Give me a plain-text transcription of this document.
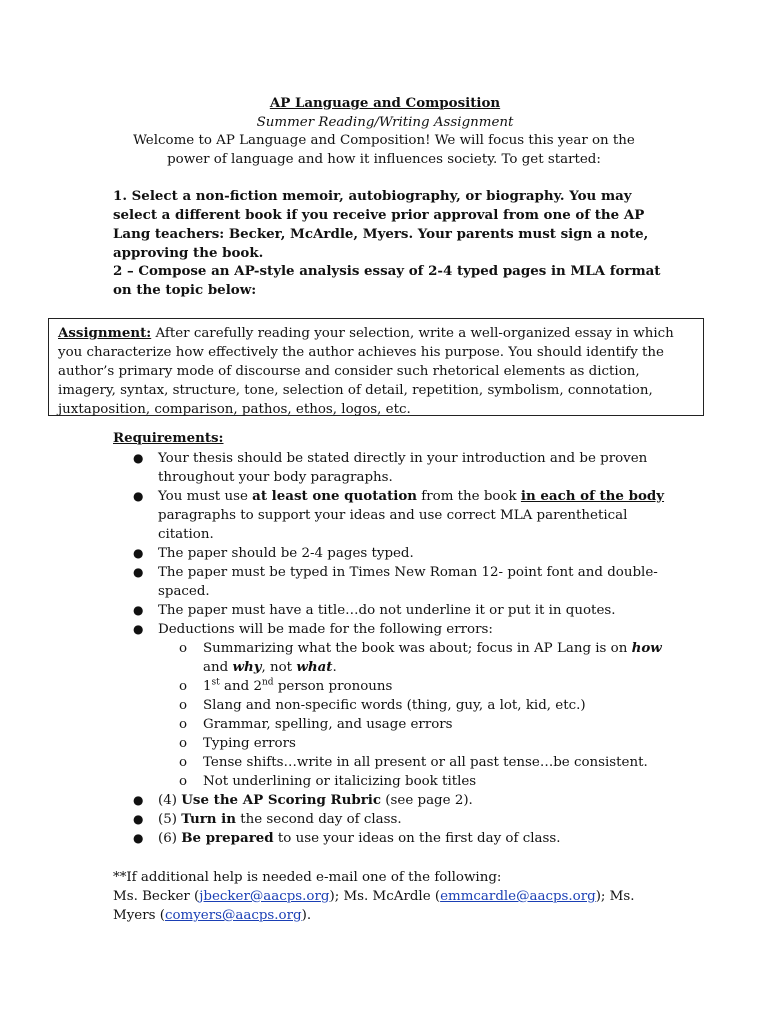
AP Language and Composition
Summer Reading/Writing Assignment
Welcome to AP Language and Composition! We will focus this year on the power of language and how it influences society. To get started:
1. Select a non-fiction memoir, autobiography, or biography. You may select a different book if you receive prior approval from one of the AP Lang teachers: Becker, McArdle, Myers. Your parents must sign a note, approving the book.
2 – Compose an AP-style analysis essay of 2-4 typed pages in MLA format on the topic below:
Assignment: After carefully reading your selection, write a well-organized essay in which you characterize how effectively the author achieves his purpose. You should identify the author’s primary mode of discourse and consider such rhetorical elements as diction, imagery, syntax, structure, tone, selection of detail, repetition, symbolism, connotation, juxtaposition, comparison, pathos, ethos, logos, etc.
Requirements:
● Your thesis should be stated directly in your introduction and be proven throughout your body paragraphs.
● You must use at least one quotation from the book in each of the body paragraphs to support your ideas and use correct MLA parenthetical citation.
● The paper should be 2-4 pages typed.
● The paper must be typed in Times New Roman 12- point font and double-spaced.
● The paper must have a title…do not underline it or put it in quotes.
● Deductions will be made for the following errors:
o Summarizing what the book was about; focus in AP Lang is on how and why, not what.
o 1st and 2nd person pronouns
o Slang and non-specific words (thing, guy, a lot, kid, etc.)
o Grammar, spelling, and usage errors
o Typing errors
o Tense shifts…write in all present or all past tense…be consistent.
o Not underlining or italicizing book titles
● (4) Use the AP Scoring Rubric (see page 2).
● (5) Turn in the second day of class.
● (6) Be prepared to use your ideas on the first day of class.
**If additional help is needed e-mail one of the following:
Ms. Becker (jbecker@aacps.org); Ms. McArdle (emmcardle@aacps.org); Ms. Myers (comyers@aacps.org).
